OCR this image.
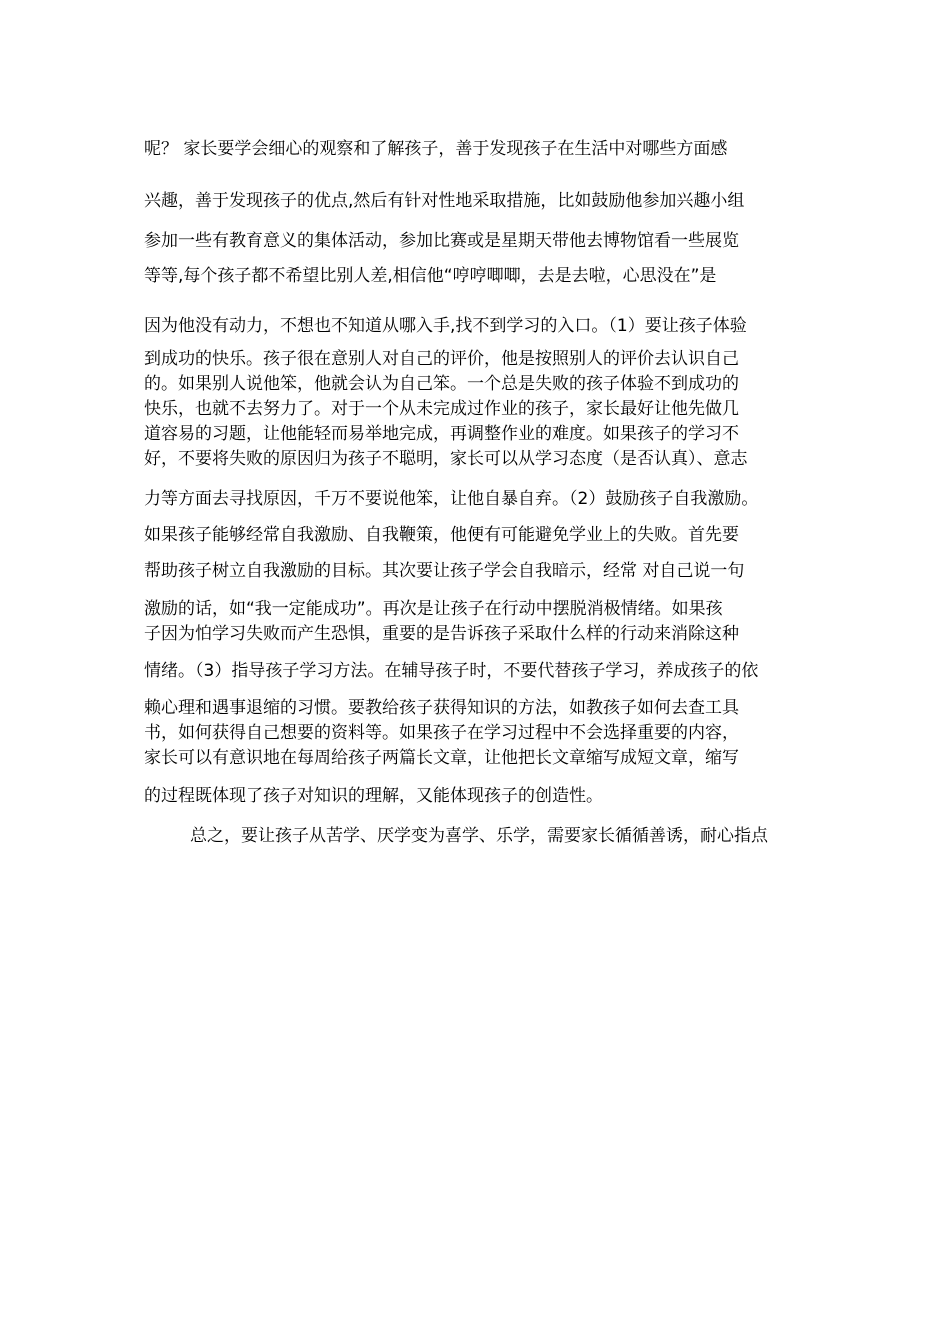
呢？ 家长要学会细心的观察和了解孩子，善于发现孩子在生活中对哪些方面感
兴趣，善于发现孩子的优点,然后有针对性地采取措施，比如鼓励他参加兴趣小组
参加一些有教育意义的集体活动，参加比赛或是星期天带他去博物馆看一些展览
等等,每个孩子都不希望比别人差,相信他“哼哼唧唧，去是去啦，心思没在”是
因为他没有动力，不想也不知道从哪入手,找不到学习的入口。（1）要让孩子体验
到成功的快乐。孩子很在意别人对自己的评价，他是按照别人的评价去认识自己
的。如果别人说他笨，他就会认为自己笨。一个总是失败的孩子体验不到成功的
快乐，也就不去努力了。对于一个从未完成过作业的孩子，家长最好让他先做几
道容易的习题，让他能轻而易举地完成，再调整作业的难度。如果孩子的学习不
好，不要将失败的原因归为孩子不聪明，家长可以从学习态度（是否认真）、意志
力等方面去寻找原因，千万不要说他笨，让他自暴自弃。（2）鼓励孩子自我激励。
如果孩子能够经常自我激励、自我鞭策，他便有可能避免学业上的失败。首先要
帮助孩子树立自我激励的目标。其次要让孩子学会自我暗示，经常 对自己说一句
激励的话，如“我一定能成功”。再次是让孩子在行动中摆脱消极情绪。如果孩
子因为怕学习失败而产生恐惧，重要的是告诉孩子采取什么样的行动来消除这种
情绪。（3）指导孩子学习方法。在辅导孩子时，不要代替孩子学习，养成孩子的依
赖心理和遇事退缩的习惯。要教给孩子获得知识的方法，如教孩子如何去查工具
书，如何获得自己想要的资料等。如果孩子在学习过程中不会选择重要的内容，
家长可以有意识地在每周给孩子两篇长文章，让他把长文章缩写成短文章，缩写
的过程既体现了孩子对知识的理解，又能体现孩子的创造性。
总之，要让孩子从苦学、厌学变为喜学、乐学，需要家长循循善诱，耐心指点
